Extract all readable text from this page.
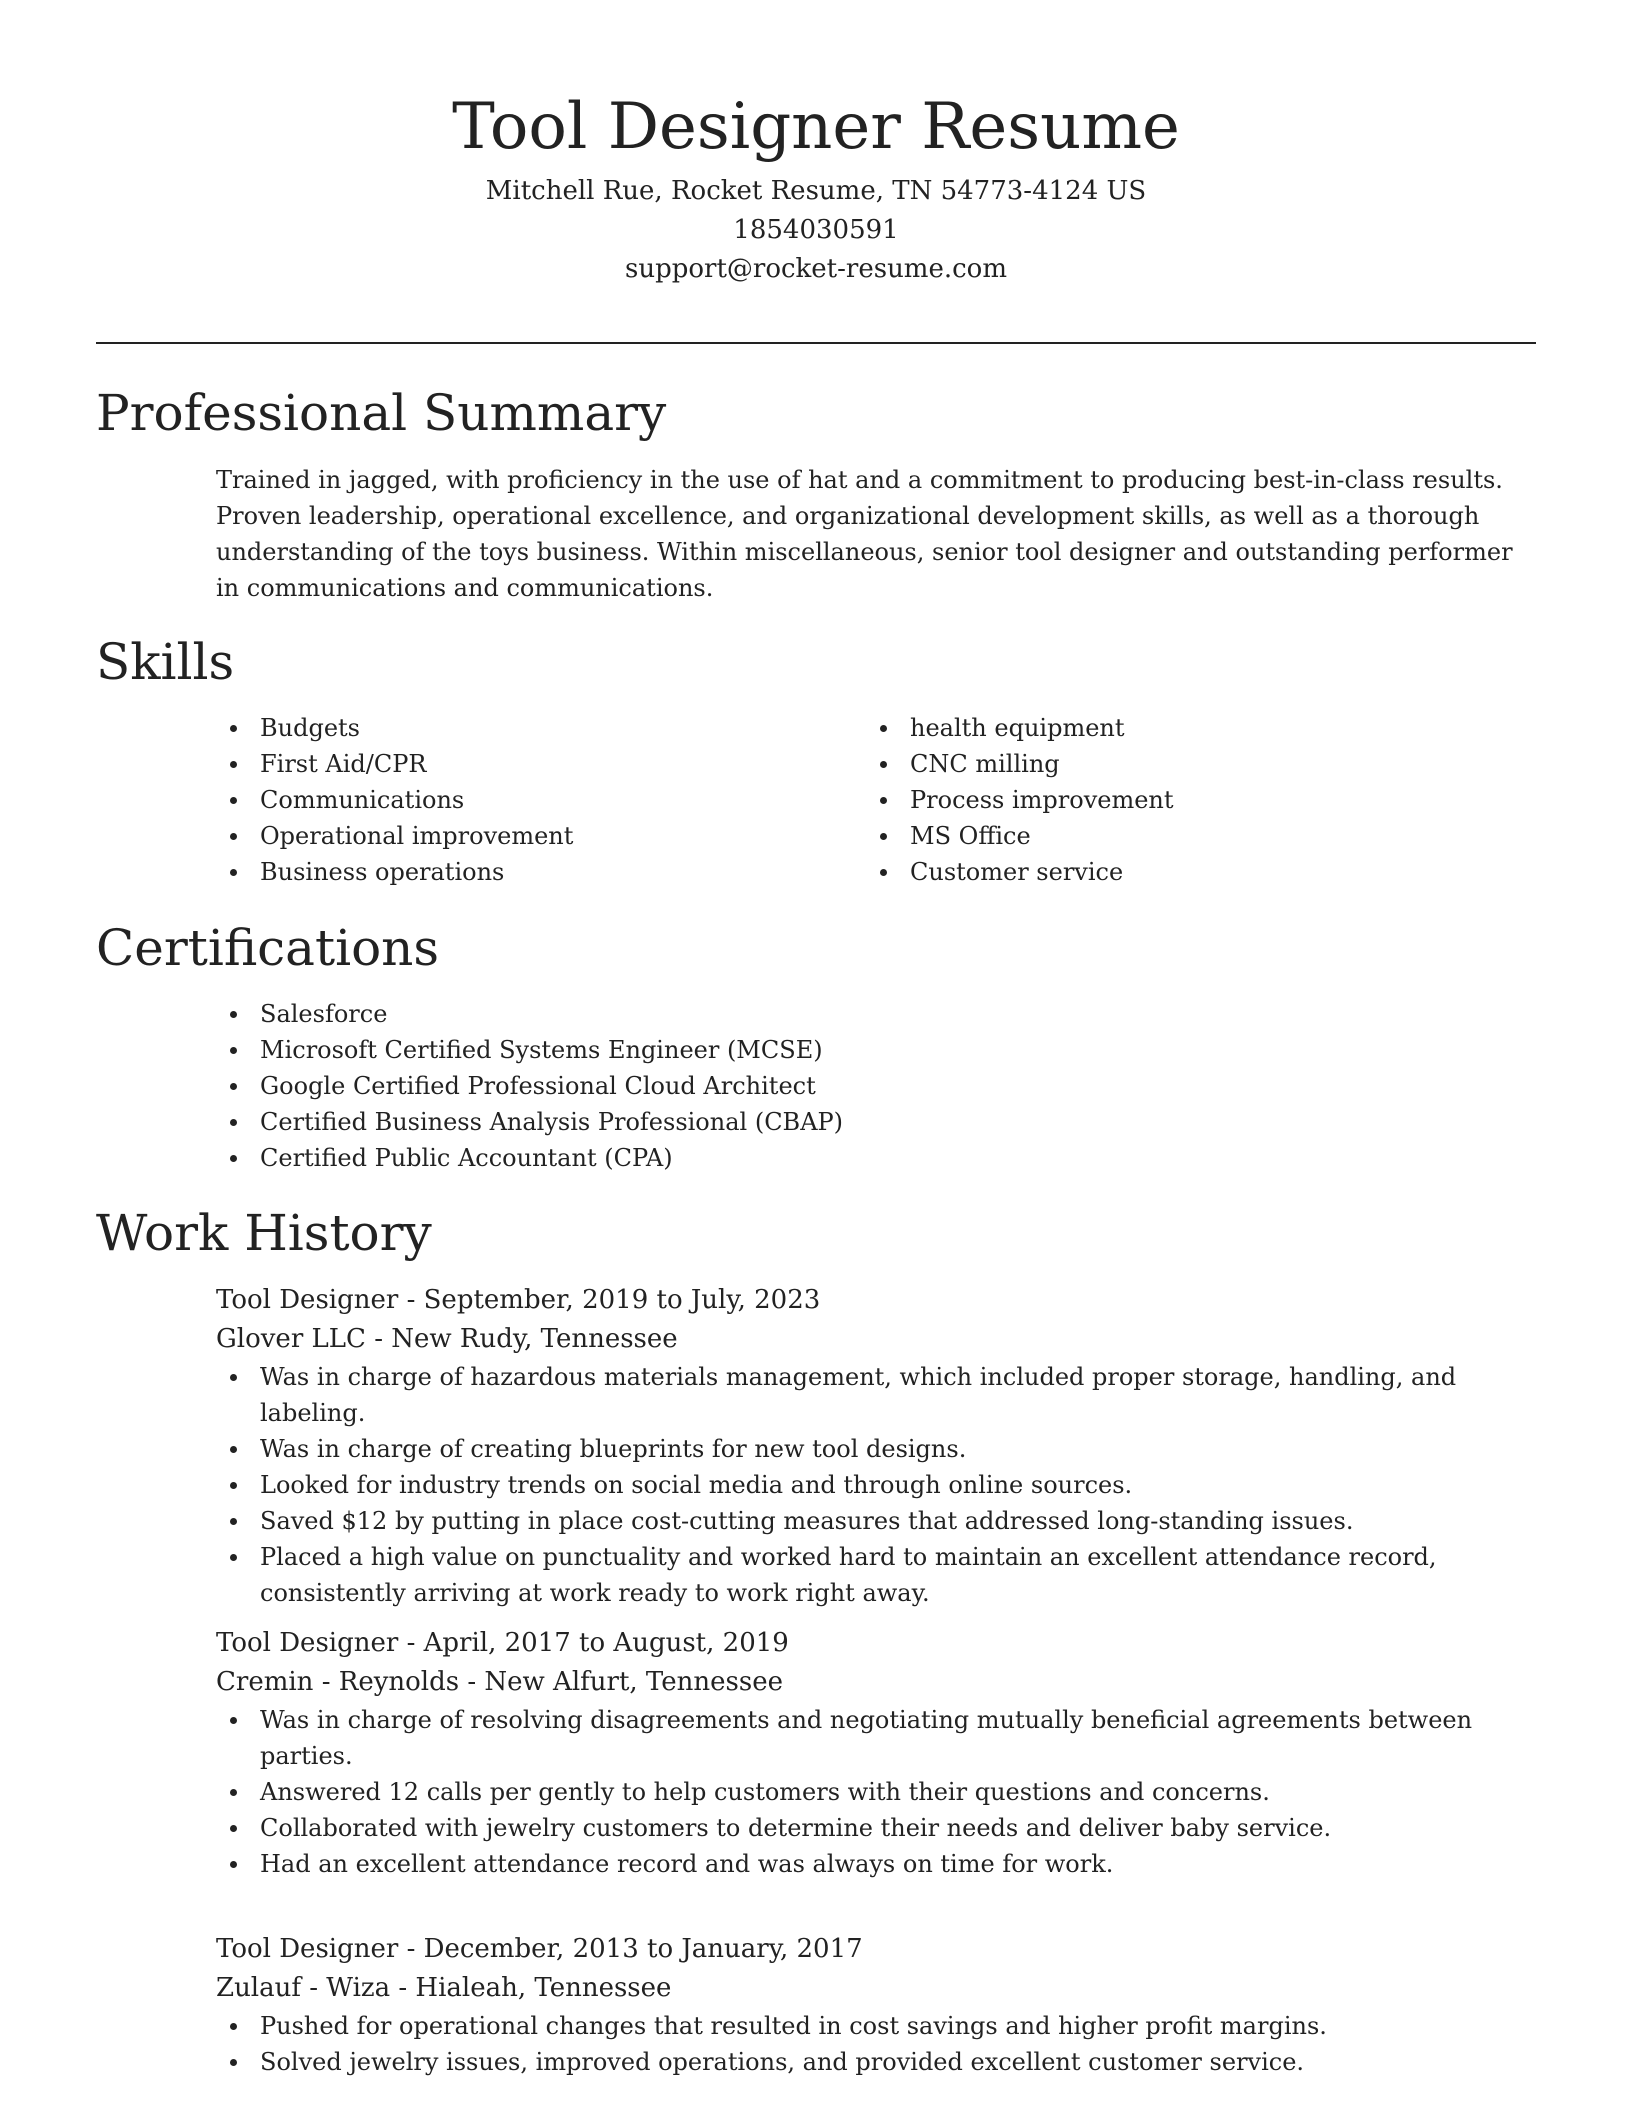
Tool Designer Resume

Mitchell Rue, Rocket Resume, TN 54773-4124 US

1854030591

support@rocket-resume.com

Professional Summary

Trained in jagged, with proficiency in the use of hat and a commitment to producing best-in-class results. Proven leadership, operational excellence, and organizational development skills, as well as a thorough understanding of the toys business. Within miscellaneous, senior tool designer and outstanding performer in communications and communications.

Skills
Budgets
First Aid/CPR
Communications
Operational improvement
Business operations
health equipment
CNC milling
Process improvement
MS Office
Customer service
Certifications
Salesforce
Microsoft Certified Systems Engineer (MCSE)
Google Certified Professional Cloud Architect
Certified Business Analysis Professional (CBAP)
Certified Public Accountant (CPA)
Work History

Tool Designer - September, 2019 to July, 2023

Glover LLC - New Rudy, Tennessee

Was in charge of hazardous materials management, which included proper storage, handling, and labeling.
Was in charge of creating blueprints for new tool designs.
Looked for industry trends on social media and through online sources.
Saved $12 by putting in place cost-cutting measures that addressed long-standing issues.
Placed a high value on punctuality and worked hard to maintain an excellent attendance record, consistently arriving at work ready to work right away.

Tool Designer - April, 2017 to August, 2019

Cremin - Reynolds - New Alfurt, Tennessee

Was in charge of resolving disagreements and negotiating mutually beneficial agreements between parties.
Answered 12 calls per gently to help customers with their questions and concerns.
Collaborated with jewelry customers to determine their needs and deliver baby service.
Had an excellent attendance record and was always on time for work.

Tool Designer - December, 2013 to January, 2017

Zulauf - Wiza - Hialeah, Tennessee

Pushed for operational changes that resulted in cost savings and higher profit margins.
Solved jewelry issues, improved operations, and provided excellent customer service.
